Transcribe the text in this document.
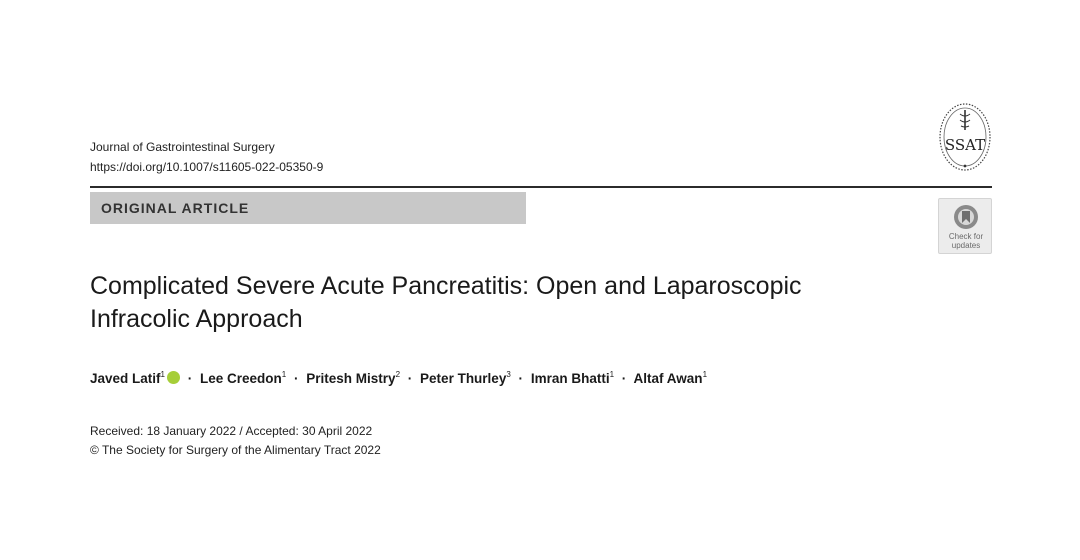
Journal of Gastrointestinal Surgery
https://doi.org/10.1007/s11605-022-05350-9
SSAT
ORIGINAL ARTICLE
Check for
updates
Complicated Severe Acute Pancreatitis: Open and Laparoscopic
Infracolic Approach
Javed Latif$^1$ · Lee Creedon$^1$ · Pritesh Mistry$^2$ · Peter Thurley$^3$ · Imran Bhatti$^1$ · Altaf Awan$^1$
Received: 18 January 2022 / Accepted: 30 April 2022
© The Society for Surgery of the Alimentary Tract 2022
